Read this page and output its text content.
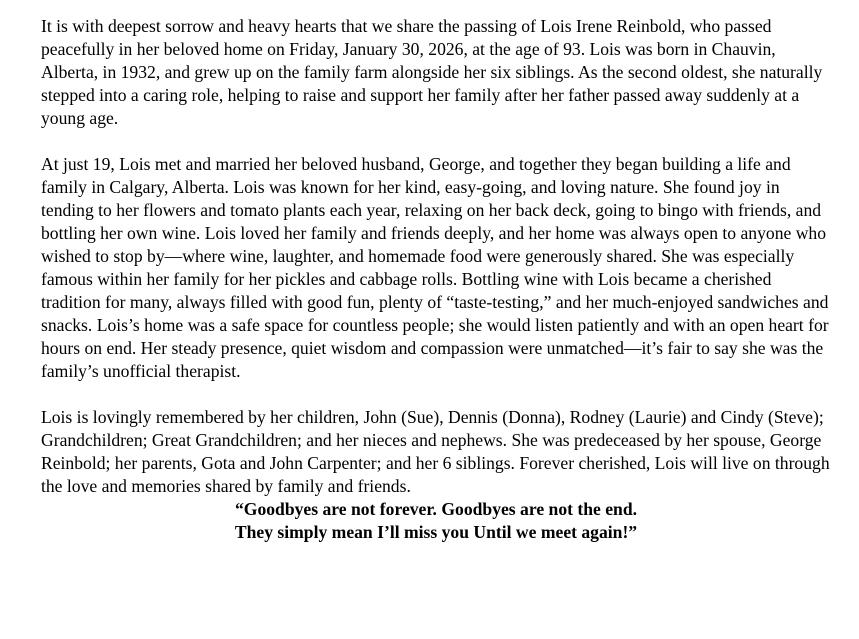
It is with deepest sorrow and heavy hearts that we share the passing of Lois Irene Reinbold, who passed peacefully in her beloved home on Friday, January 30, 2026, at the age of 93. Lois was born in Chauvin, Alberta, in 1932, and grew up on the family farm alongside her six siblings. As the second oldest, she naturally stepped into a caring role, helping to raise and support her family after her father passed away suddenly at a young age.

At just 19, Lois met and married her beloved husband, George, and together they began building a life and family in Calgary, Alberta. Lois was known for her kind, easy-going, and loving nature. She found joy in tending to her flowers and tomato plants each year, relaxing on her back deck, going to bingo with friends, and bottling her own wine. Lois loved her family and friends deeply, and her home was always open to anyone who wished to stop by—where wine, laughter, and homemade food were generously shared. She was especially famous within her family for her pickles and cabbage rolls. Bottling wine with Lois became a cherished tradition for many, always filled with good fun, plenty of “taste-testing,” and her much-enjoyed sandwiches and snacks. Lois’s home was a safe space for countless people; she would listen patiently and with an open heart for hours on end. Her steady presence, quiet wisdom and compassion were unmatched—it’s fair to say she was the family’s unofficial therapist.

Lois is lovingly remembered by her children, John (Sue), Dennis (Donna), Rodney (Laurie) and Cindy (Steve); Grandchildren; Great Grandchildren; and her nieces and nephews. She was predeceased by her spouse, George Reinbold; her parents, Gota and John Carpenter; and her 6 siblings. Forever cherished, Lois will live on through the love and memories shared by family and friends.

“Goodbyes are not forever. Goodbyes are not the end.

They simply mean I’ll miss you Until we meet again!”
